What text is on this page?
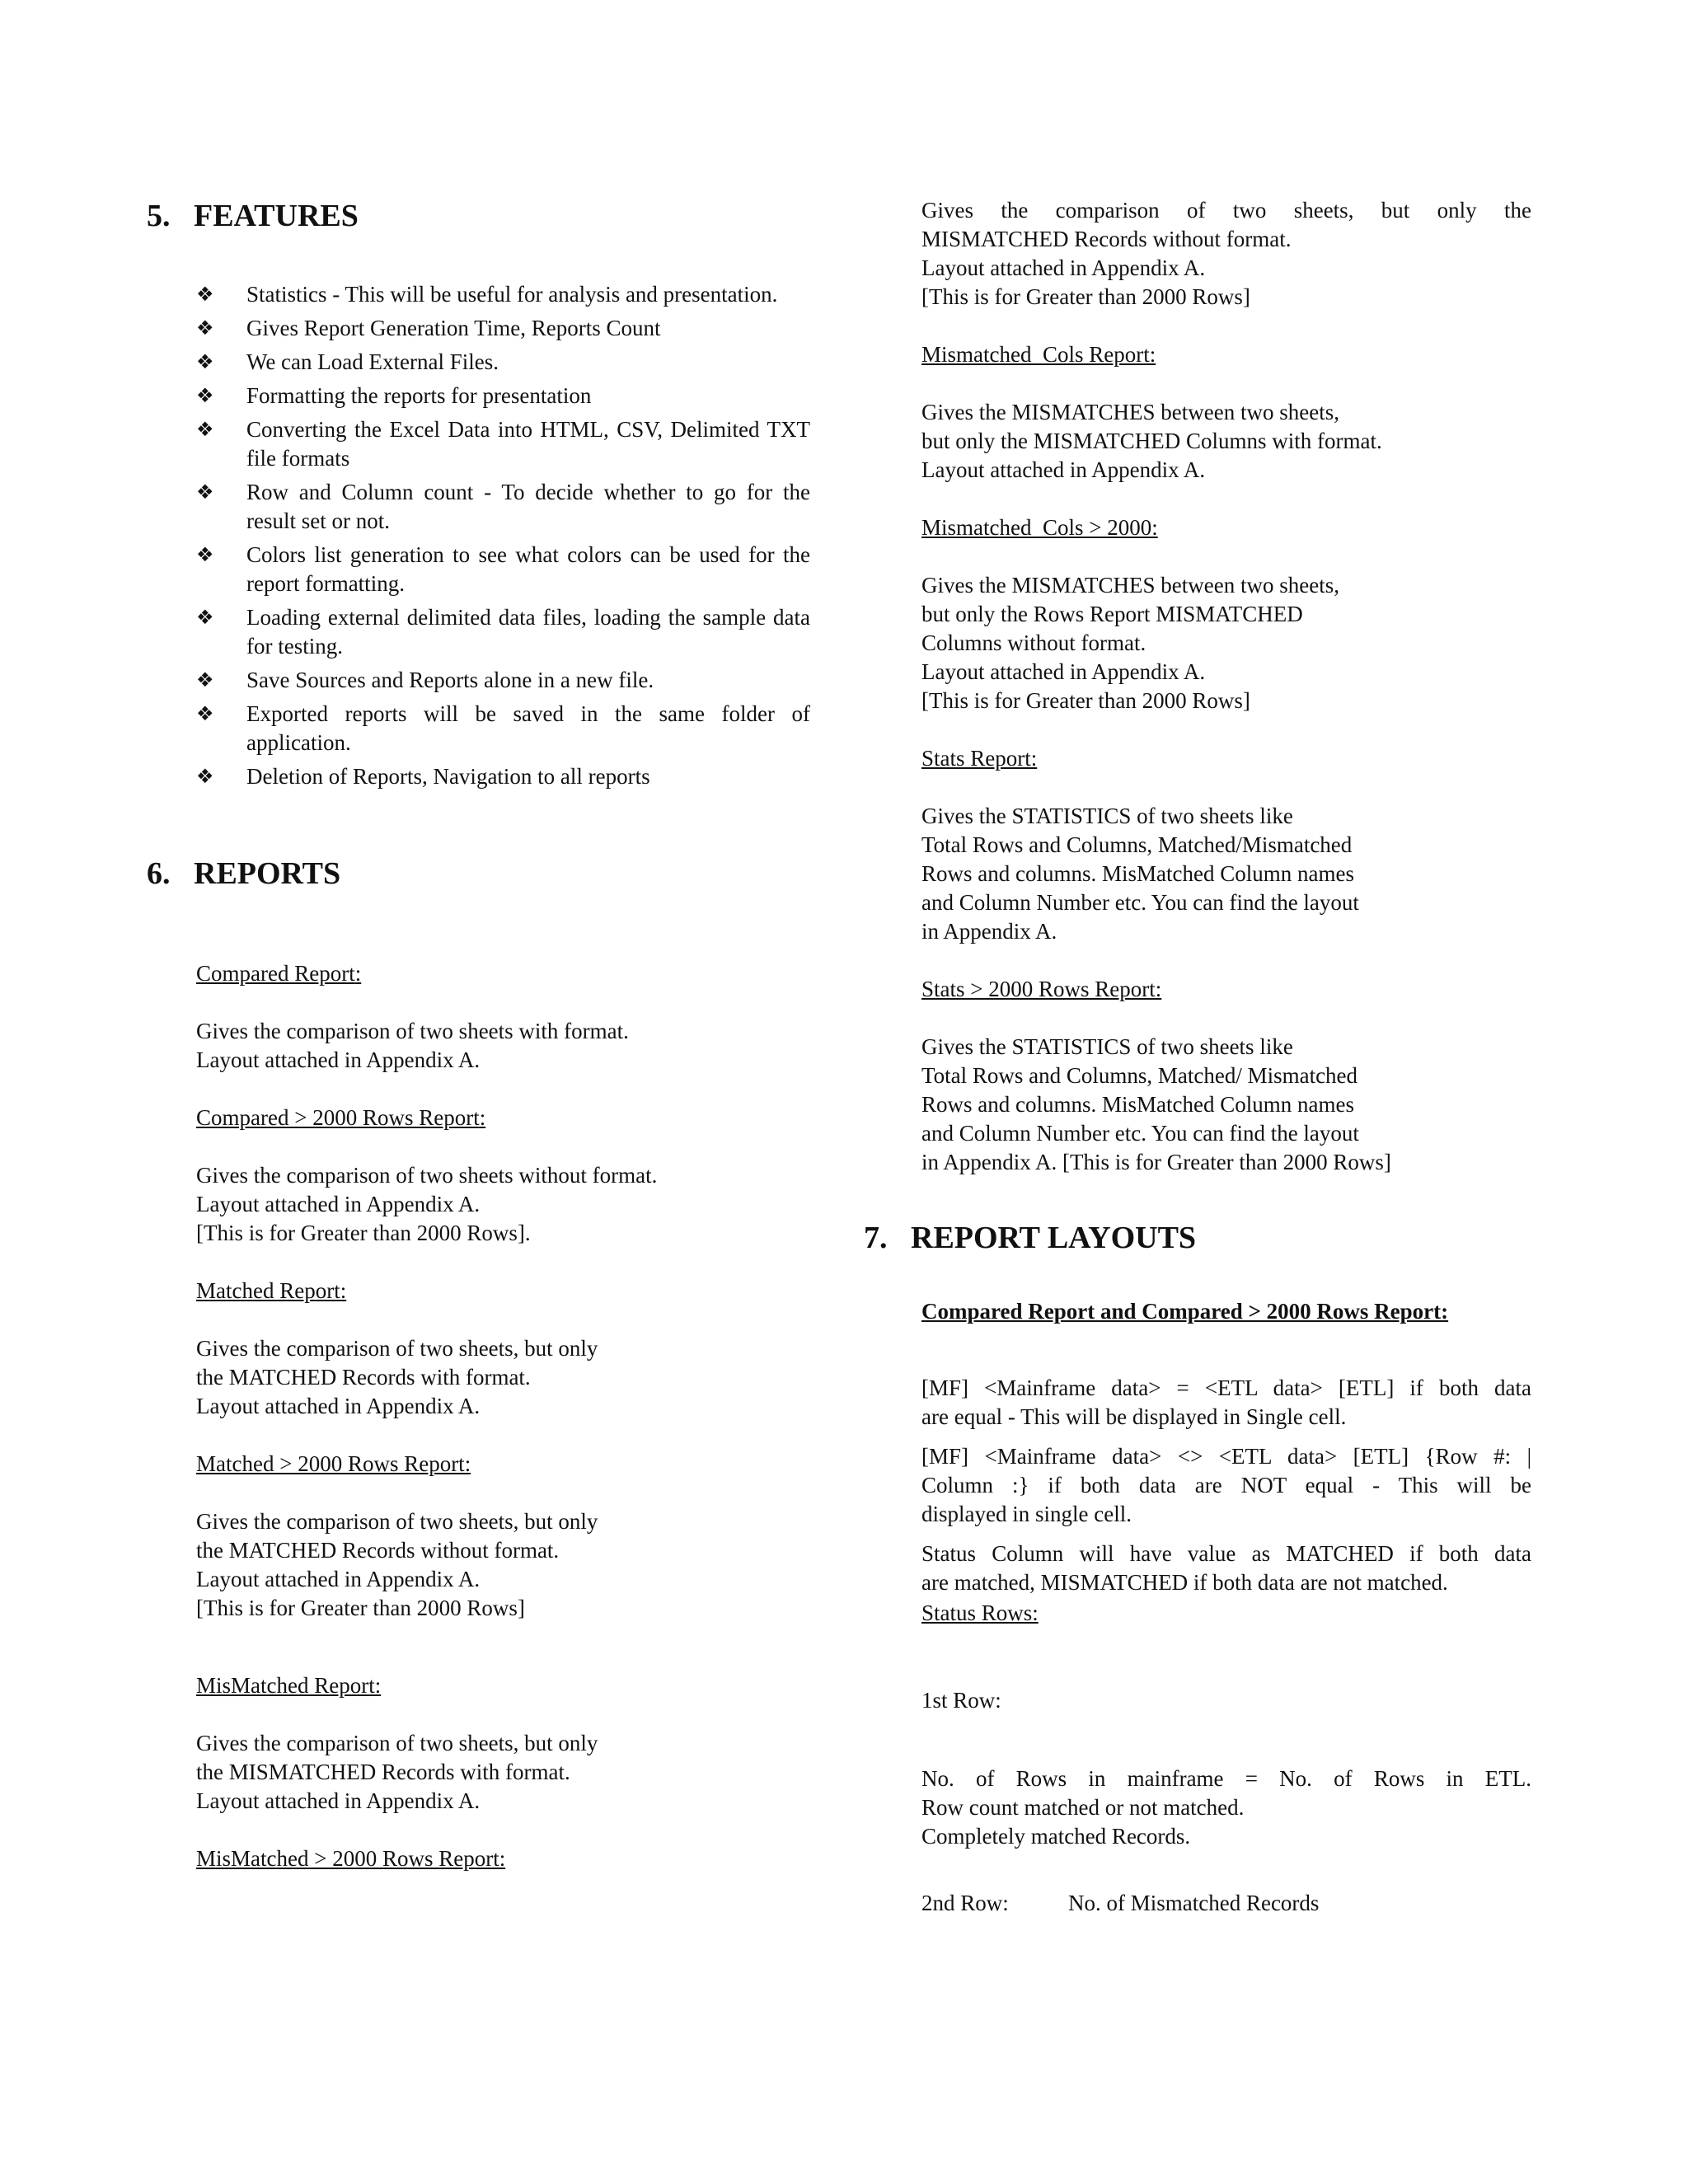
5. FEATURES
❖ Statistics - This will be useful for analysis and presentation.
❖ Gives Report Generation Time, Reports Count
❖ We can Load External Files.
❖ Formatting the reports for presentation
❖ Converting the Excel Data into HTML, CSV, Delimited TXT file formats
❖ Row and Column count - To decide whether to go for the result set or not.
❖ Colors list generation to see what colors can be used for the report formatting.
❖ Loading external delimited data files, loading the sample data for testing.
❖ Save Sources and Reports alone in a new file.
❖ Exported reports will be saved in the same folder of application.
❖ Deletion of Reports, Navigation to all reports
6. REPORTS
Compared Report:
Gives the comparison of two sheets with format.
Layout attached in Appendix A.
Compared > 2000 Rows Report:
Gives the comparison of two sheets without format.
Layout attached in Appendix A.
[This is for Greater than 2000 Rows].
Matched Report:
Gives the comparison of two sheets, but only
the MATCHED Records with format.
Layout attached in Appendix A.
Matched > 2000 Rows Report:
Gives the comparison of two sheets, but only
the MATCHED Records without format.
Layout attached in Appendix A.
[This is for Greater than 2000 Rows]
MisMatched Report:
Gives the comparison of two sheets, but only
the MISMATCHED Records with format.
Layout attached in Appendix A.
MisMatched > 2000 Rows Report:
Gives the comparison of two sheets, but only the
MISMATCHED Records without format.
Layout attached in Appendix A.
[This is for Greater than 2000 Rows]
Mismatched_Cols Report:
Gives the MISMATCHES between two sheets,
but only the MISMATCHED Columns with format.
Layout attached in Appendix A.
Mismatched_Cols > 2000:
Gives the MISMATCHES between two sheets,
but only the Rows Report MISMATCHED
Columns without format.
Layout attached in Appendix A.
[This is for Greater than 2000 Rows]
Stats Report:
Gives the STATISTICS of two sheets like
Total Rows and Columns, Matched/Mismatched
Rows and columns. MisMatched Column names
and Column Number etc. You can find the layout
in Appendix A.
Stats > 2000 Rows Report:
Gives the STATISTICS of two sheets like
Total Rows and Columns, Matched/ Mismatched
Rows and columns. MisMatched Column names
and Column Number etc. You can find the layout
in Appendix A. [This is for Greater than 2000 Rows]
7. REPORT LAYOUTS
Compared Report and Compared > 2000 Rows Report:
[MF] <Mainframe data> = <ETL data> [ETL] if both data
are equal - This will be displayed in Single cell.
[MF] <Mainframe data> <> <ETL data> [ETL] {Row #: |
Column :} if both data are NOT equal - This will be
displayed in single cell.
Status Column will have value as MATCHED if both data
are matched, MISMATCHED if both data are not matched.
Status Rows:
1st Row:
No. of Rows in mainframe = No. of Rows in ETL.
Row count matched or not matched.
Completely matched Records.
2nd Row:	No. of Mismatched Records
